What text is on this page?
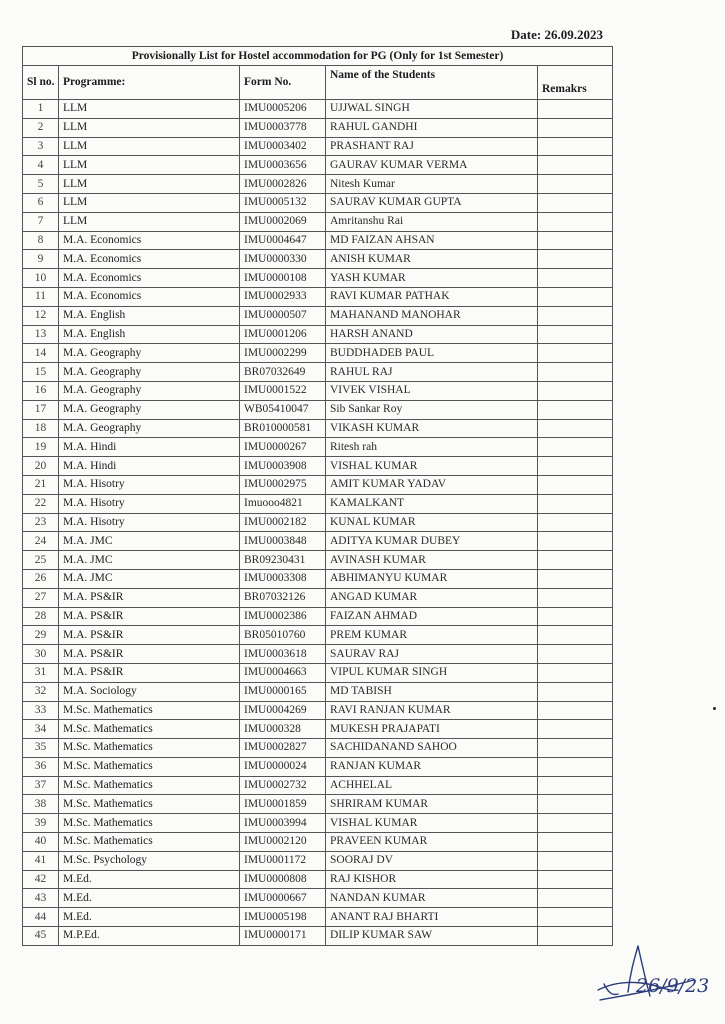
Date: 26.09.2023
Provisionally List for Hostel accommodation for PG (Only for 1st Semester)				
Sl no.	Programme:	Form No.	Name of the Students	Remakrs
1	LLM	IMU0005206	UJJWAL SINGH	
2	LLM	IMU0003778	RAHUL GANDHI	
3	LLM	IMU0003402	PRASHANT RAJ	
4	LLM	IMU0003656	GAURAV KUMAR VERMA	
5	LLM	IMU0002826	Nitesh Kumar	
6	LLM	IMU0005132	SAURAV KUMAR GUPTA	
7	LLM	IMU0002069	Amritanshu Rai	
8	M.A. Economics	IMU0004647	MD FAIZAN AHSAN	
9	M.A. Economics	IMU0000330	ANISH KUMAR	
10	M.A. Economics	IMU0000108	YASH KUMAR	
11	M.A. Economics	IMU0002933	RAVI KUMAR PATHAK	
12	M.A. English	IMU0000507	MAHANAND MANOHAR	
13	M.A. English	IMU0001206	HARSH ANAND	
14	M.A. Geography	IMU0002299	BUDDHADEB PAUL	
15	M.A. Geography	BR07032649	RAHUL RAJ	
16	M.A. Geography	IMU0001522	VIVEK VISHAL	
17	M.A. Geography	WB05410047	Sib Sankar Roy	
18	M.A. Geography	BR010000581	VIKASH KUMAR	
19	M.A. Hindi	IMU0000267	Ritesh rah	
20	M.A. Hindi	IMU0003908	VISHAL KUMAR	
21	M.A. Hisotry	IMU0002975	AMIT KUMAR YADAV	
22	M.A. Hisotry	Imuooo4821	KAMALKANT	
23	M.A. Hisotry	IMU0002182	KUNAL KUMAR	
24	M.A. JMC	IMU0003848	ADITYA KUMAR DUBEY	
25	M.A. JMC	BR09230431	AVINASH KUMAR	
26	M.A. JMC	IMU0003308	ABHIMANYU KUMAR	
27	M.A. PS&IR	BR07032126	ANGAD KUMAR	
28	M.A. PS&IR	IMU0002386	FAIZAN AHMAD	
29	M.A. PS&IR	BR05010760	PREM KUMAR	
30	M.A. PS&IR	IMU0003618	SAURAV RAJ	
31	M.A. PS&IR	IMU0004663	VIPUL KUMAR SINGH	
32	M.A. Sociology	IMU0000165	MD TABISH	
33	M.Sc. Mathematics	IMU0004269	RAVI RANJAN KUMAR	
34	M.Sc. Mathematics	IMU000328	MUKESH PRAJAPATI	
35	M.Sc. Mathematics	IMU0002827	SACHIDANAND SAHOO	
36	M.Sc. Mathematics	IMU0000024	RANJAN KUMAR	
37	M.Sc. Mathematics	IMU0002732	ACHHELAL	
38	M.Sc. Mathematics	IMU0001859	SHRIRAM KUMAR	
39	M.Sc. Mathematics	IMU0003994	VISHAL KUMAR	
40	M.Sc. Mathematics	IMU0002120	PRAVEEN KUMAR	
41	M.Sc. Psychology	IMU0001172	SOORAJ DV	
42	M.Ed.	IMU0000808	RAJ KISHOR	
43	M.Ed.	IMU0000667	NANDAN KUMAR	
44	M.Ed.	IMU0005198	ANANT RAJ BHARTI	
45	M.P.Ed.	IMU0000171	DILIP KUMAR SAW	
26/9/23
